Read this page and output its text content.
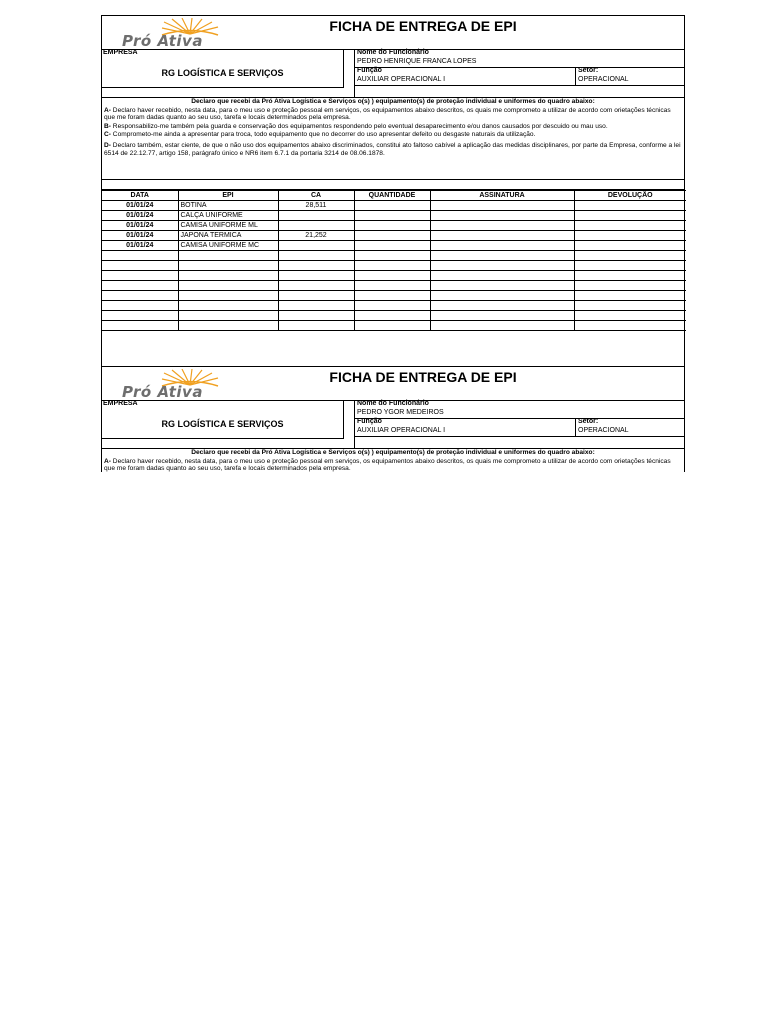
Pró Ativa
FICHA DE ENTREGA DE EPI
EMPRESA
RG LOGÍSTICA E SERVIÇOS
Nome do Funcionário
PEDRO HENRIQUE FRANCA LOPES
Função
AUXILIAR OPERACIONAL I
Setor:
OPERACIONAL
Declaro que recebi da Pró Ativa Logística e Serviços o(s) ) equipamento(s) de proteção individual e uniformes do quadro abaixo:

A- Declaro haver recebido, nesta data, para o meu uso e proteção pessoal em serviços, os equipamentos abaixo descritos, os quais me comprometo a utilizar de acordo com orietações técnicas que me foram dadas quanto ao seu uso, tarefa e locais determinados pela empresa.

B- Responsabilizo-me também pela guarda e conservação dos equipamentos respondendo pelo eventual desaparecimento e/ou danos causados por descuido ou mau uso.

C- Comprometo-me ainda a apresentar para troca, todo equipamento que no decorrer do uso apresentar defeito ou desgaste naturais da utilização.

D- Declaro também, estar ciente, de que o não uso dos equipamentos abaixo discriminados, constitui ato faltoso cabível a aplicação das medidas disciplinares, por parte da Empresa, conforme a lei 6514 de 22.12.77, artigo 158, parágrafo único e NR6 item 6.7.1 da portaria 3214 de 08.06.1878.

DATA	EPI	CA	QUANTIDADE	ASSINATURA	DEVOLUÇÃO
01/01/24	BOTINA	28,511			
01/01/24	CALÇA UNIFORME				
01/01/24	CAMISA UNIFORME ML				
01/01/24	JAPONA TERMICA	21,252			
01/01/24	CAMISA UNIFORME MC				

Pró Ativa
FICHA DE ENTREGA DE EPI
EMPRESA
RG LOGÍSTICA E SERVIÇOS
Nome do Funcionário
PEDRO YGOR MEDEIROS
Função
AUXILIAR OPERACIONAL I
Setor:
OPERACIONAL
Declaro que recebi da Pró Ativa Logística e Serviços o(s) ) equipamento(s) de proteção individual e uniformes do quadro abaixo:

A- Declaro haver recebido, nesta data, para o meu uso e proteção pessoal em serviços, os equipamentos abaixo descritos, os quais me comprometo a utilizar de acordo com orietações técnicas que me foram dadas quanto ao seu uso, tarefa e locais determinados pela empresa.
